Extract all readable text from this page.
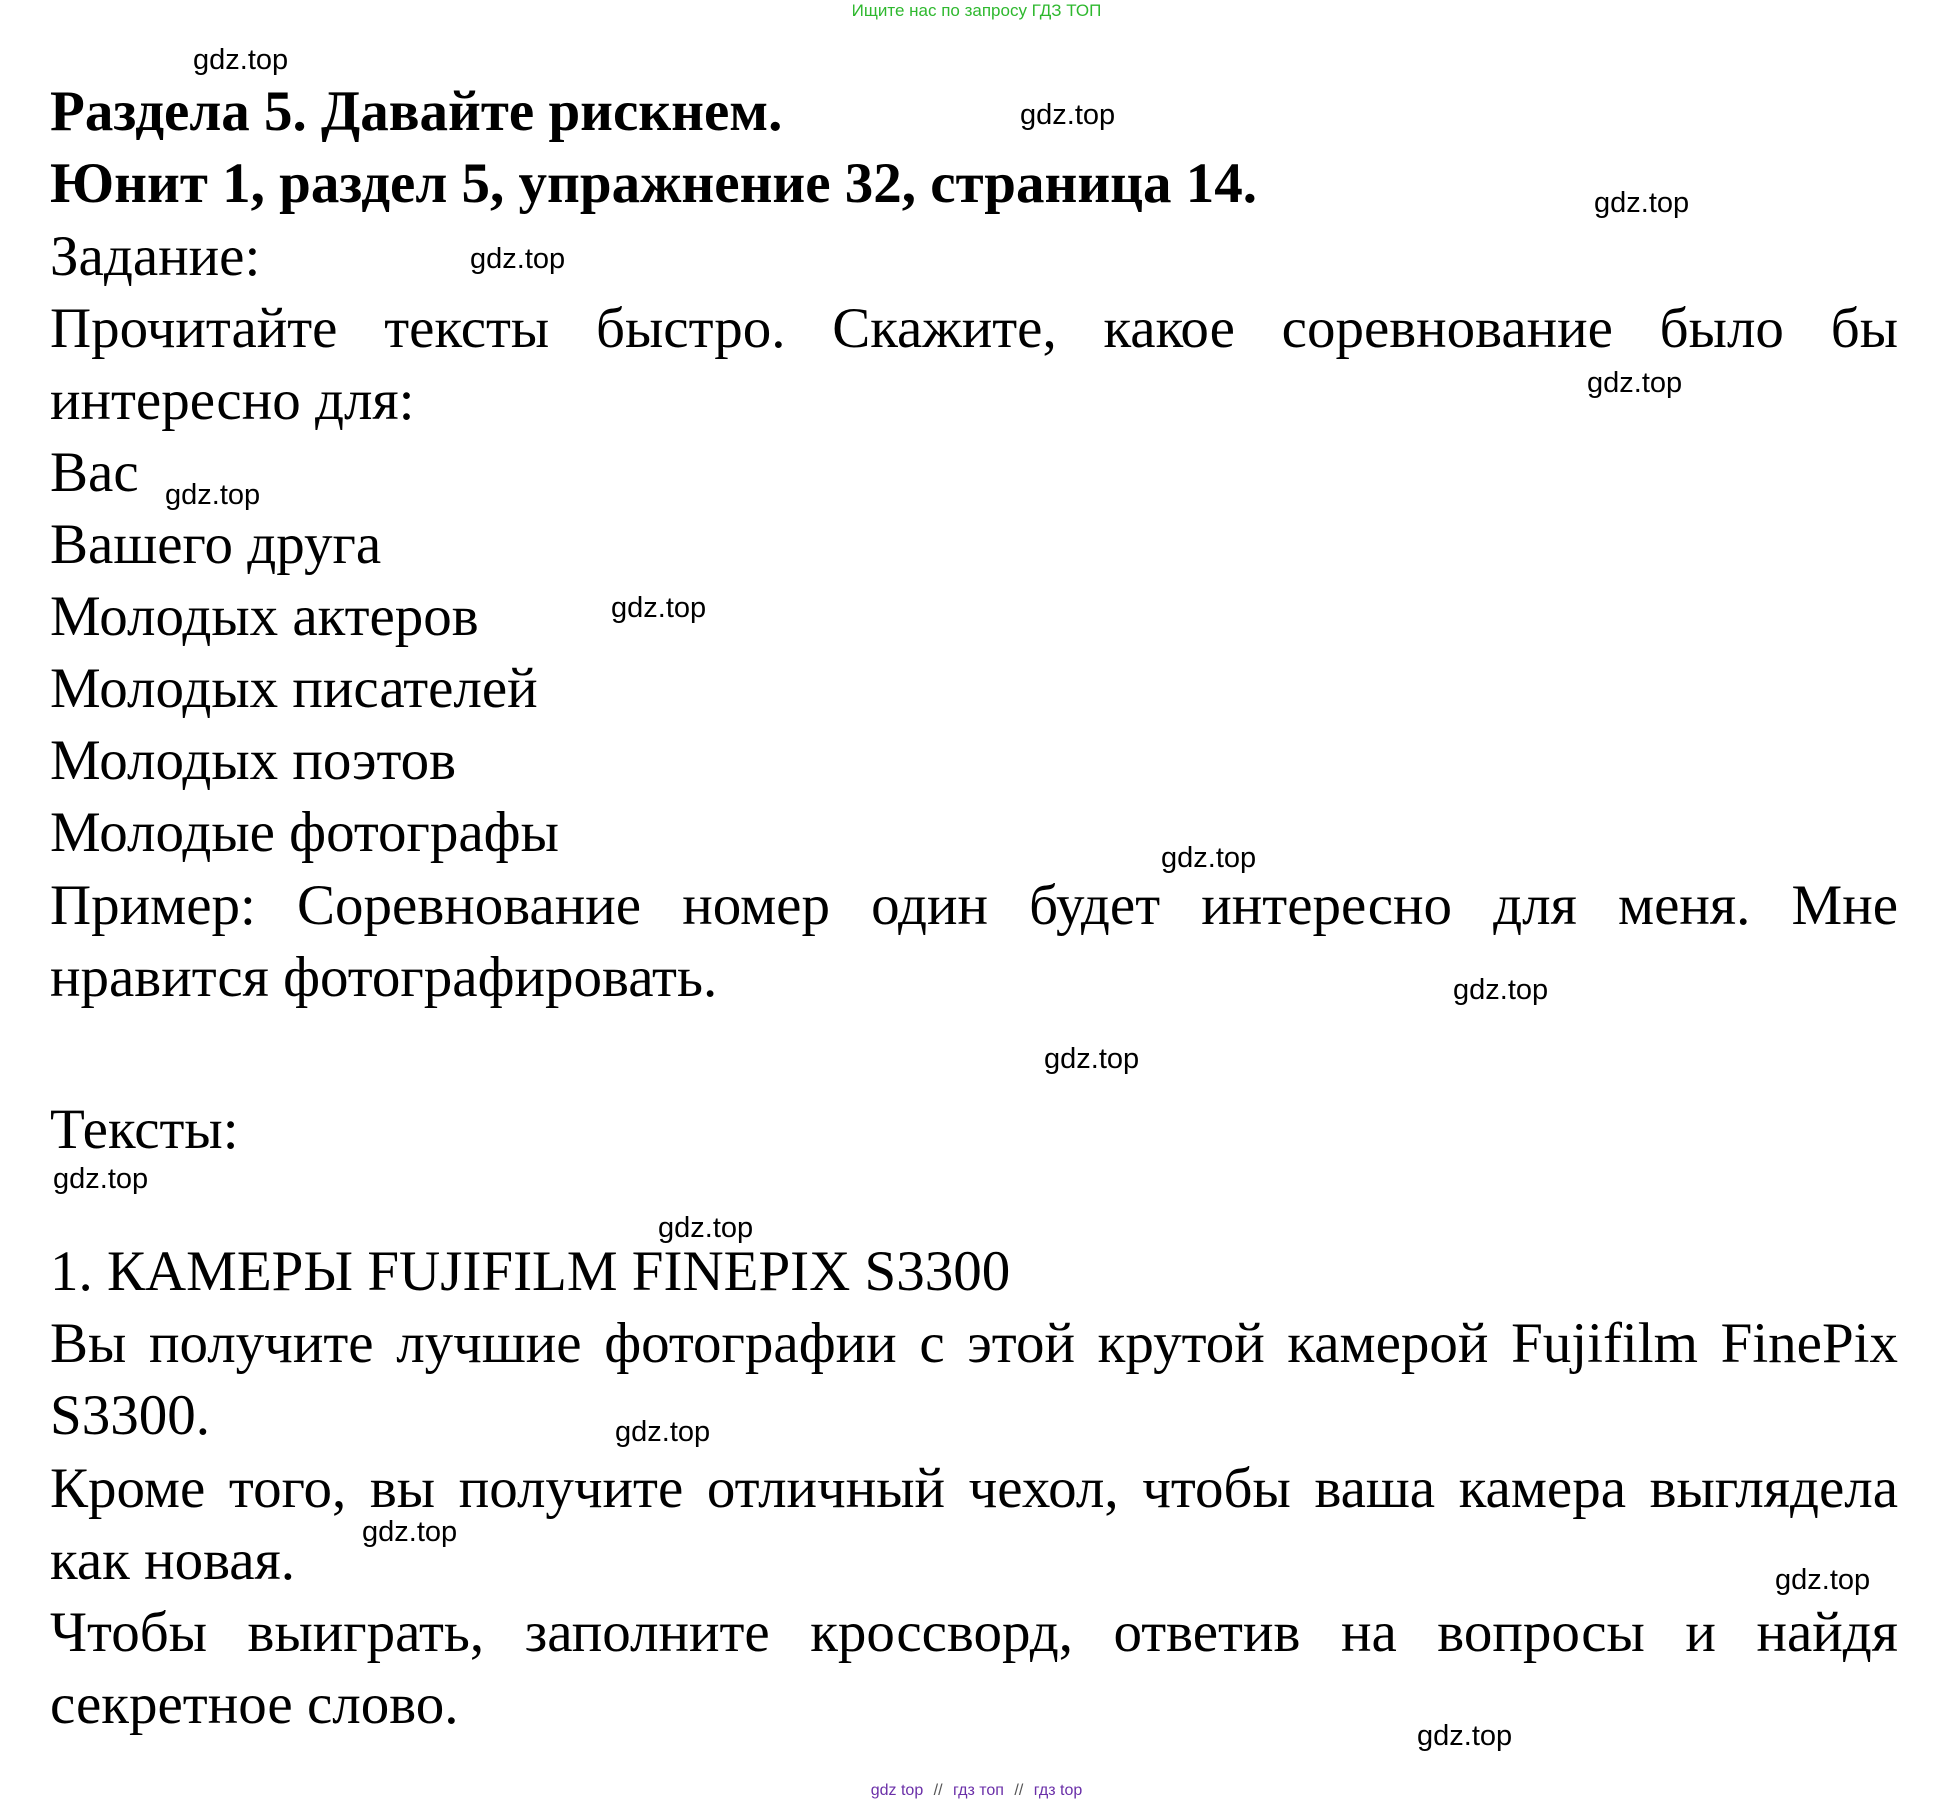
Ищите нас по запросу ГДЗ ТОП
Раздела 5. Давайте рискнем.
Юнит 1, раздел 5, упражнение 32, страница 14.
Задание:
Прочитайте тексты быстро. Скажите, какое соревнование было бы
интересно для:
Вас
Вашего друга
Молодых актеров
Молодых писателей
Молодых поэтов
Молодые фотографы
Пример: Соревнование номер один будет интересно для меня. Мне
нравится фотографировать.
Тексты:
1. КАМЕРЫ FUJIFILM FINEPIX S3300
Вы получите лучшие фотографии с этой крутой камерой Fujifilm FinePix
S3300.
Кроме того, вы получите отличный чехол, чтобы ваша камера выглядела
как новая.
Чтобы выиграть, заполните кроссворд, ответив на вопросы и найдя
секретное слово.
gdz.top
gdz.top
gdz.top
gdz.top
gdz.top
gdz.top
gdz.top
gdz.top
gdz.top
gdz.top
gdz.top
gdz.top
gdz.top
gdz.top
gdz.top
gdz.top
gdz top // гдз топ // гдз top
